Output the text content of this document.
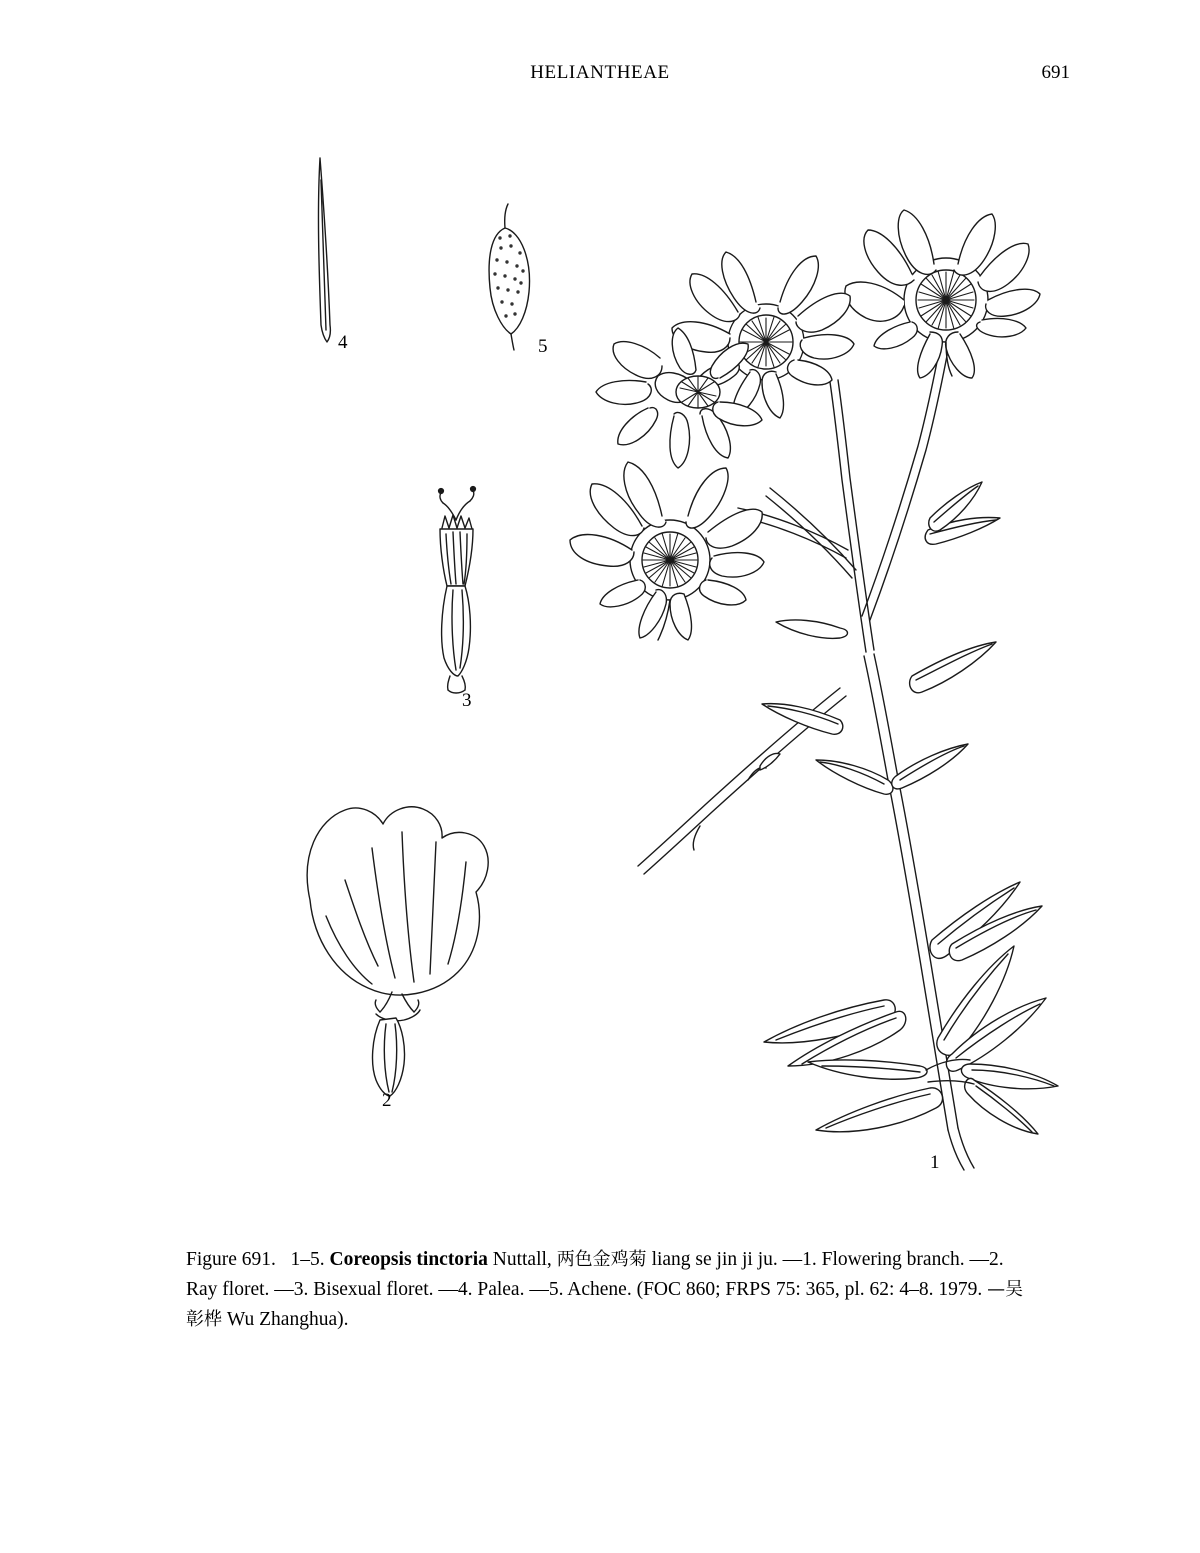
HELIANTHEAE	691
4	5
3
2
1
Figure 691. 1–5. Coreopsis tinctoria Nuttall, 两色金鸡菊 liang se jin ji ju. —1. Flowering branch. —2. Ray floret. —3. Bisexual floret. —4. Palea. —5. Achene. (FOC 860; FRPS 75: 365, pl. 62: 4–8. 1979. —吴彰桦 Wu Zhanghua).
